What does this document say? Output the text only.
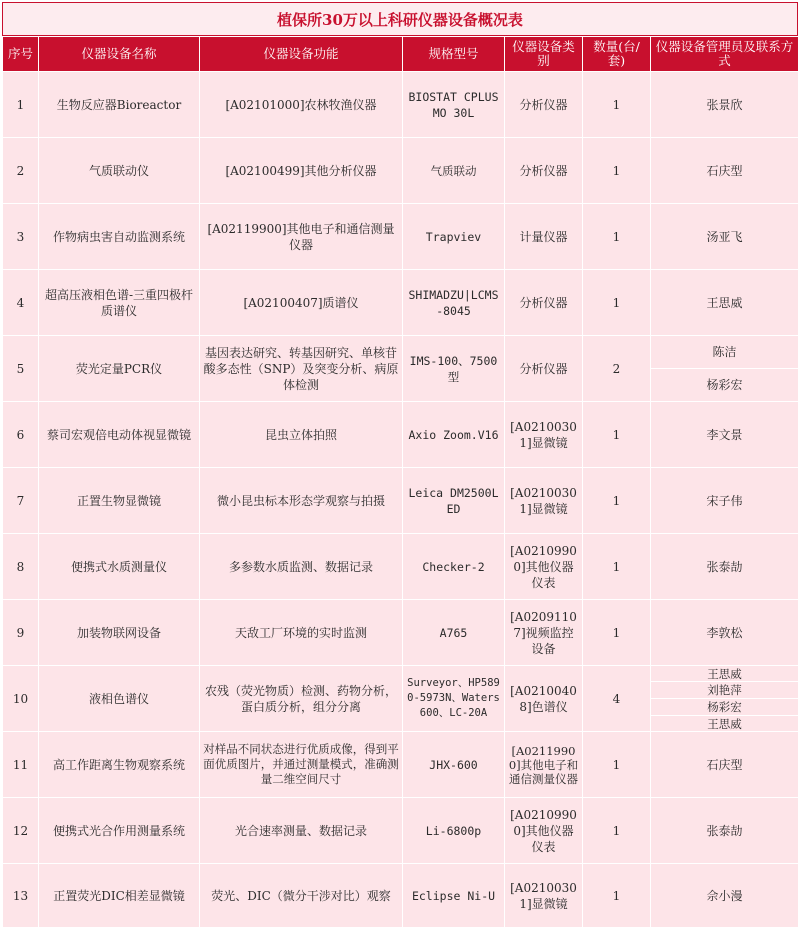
植保所30万以上科研仪器设备概况表
序号	仪器设备名称	仪器设备功能	规格型号	仪器设备类别	数量(台/套)	仪器设备管理员及联系方式
1	生物反应器Bioreactor	[A02101000]农林牧渔仪器	BIOSTAT CPLUS MO 30L	分析仪器	1	张景欣
2	气质联动仪	[A02100499]其他分析仪器	气质联动	分析仪器	1	石庆型
3	作物病虫害自动监测系统	[A02119900]其他电子和通信测量仪器	Trapviev	计量仪器	1	汤亚飞
4	超高压液相色谱-三重四极杆质谱仪	[A02100407]质谱仪	SHIMADZU|LCMS-8045	分析仪器	1	王思威
5	荧光定量PCR仪	基因表达研究、转基因研究、单核苷酸多态性（SNP）及突变分析、病原体检测	IMS-100、7500型	分析仪器	2	陈洁
						杨彩宏
6	蔡司宏观倍电动体视显微镜	昆虫立体拍照	Axio Zoom.V16	[A02100301]显微镜	1	李文景
7	正置生物显微镜	微小昆虫标本形态学观察与拍摄	Leica DM2500LED	[A02100301]显微镜	1	宋子伟
8	便携式水质测量仪	多参数水质监测、数据记录	Checker-2	[A02109900]其他仪器仪表	1	张泰劼
9	加装物联网设备	天敌工厂环境的实时监测	A765	[A02091107]视频监控设备	1	李敦松
10	液相色谱仪	农残（荧光物质）检测、药物分析，蛋白质分析，组分分离	Surveyor、HP5890-5973N、Waters 600、LC-20A	[A02100408]色谱仪	4	王思威
						刘艳萍
						杨彩宏
						王思威
11	高工作距离生物观察系统	对样品不同状态进行优质成像，得到平面优质图片，并通过测量模式，准确测量二维空间尺寸	JHX-600	[A02119900]其他电子和通信测量仪器	1	石庆型
12	便携式光合作用测量系统	光合速率测量、数据记录	Li-6800p	[A02109900]其他仪器仪表	1	张泰劼
13	正置荧光DIC相差显微镜	荧光、DIC（微分干涉对比）观察	Eclipse Ni-U	[A02100301]显微镜	1	佘小漫
